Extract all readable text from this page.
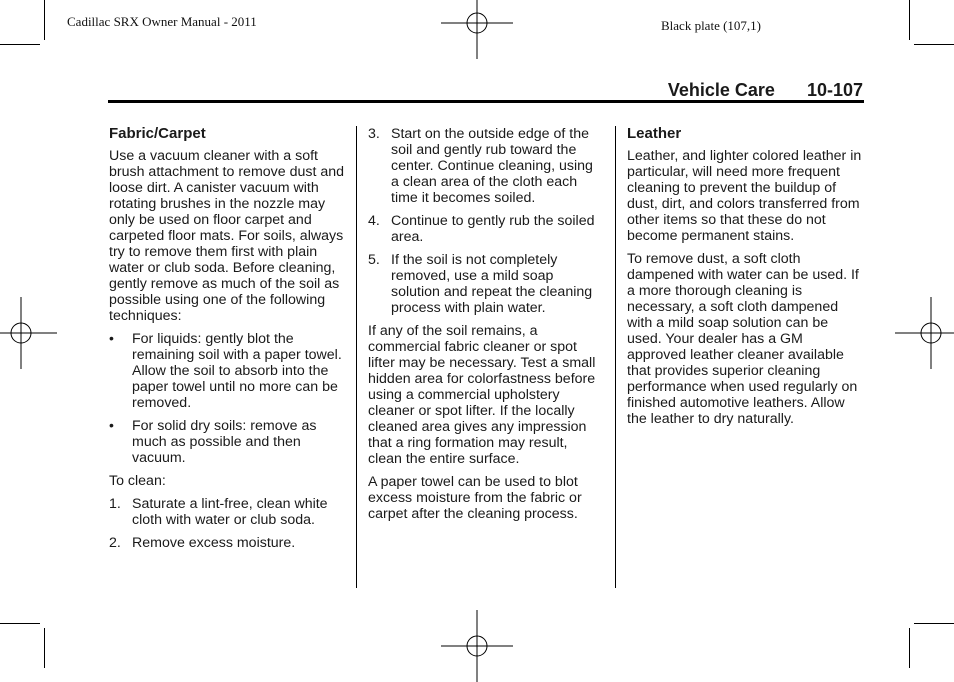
Cadillac SRX Owner Manual - 2011	Black plate (107,1)
Vehicle Care 10-107
Fabric/Carpet

Use a vacuum cleaner with a soft brush attachment to remove dust and loose dirt. A canister vacuum with rotating brushes in the nozzle may only be used on floor carpet and carpeted floor mats. For soils, always try to remove them first with plain water or club soda. Before cleaning, gently remove as much of the soil as possible using one of the following techniques:

•	For liquids: gently blot the remaining soil with a paper towel. Allow the soil to absorb into the paper towel until no more can be removed.
•	For solid dry soils: remove as much as possible and then vacuum.

To clean:

1. Saturate a lint-free, clean white cloth with water or club soda.
2. Remove excess moisture.
3. Start on the outside edge of the soil and gently rub toward the center. Continue cleaning, using a clean area of the cloth each time it becomes soiled.
4. Continue to gently rub the soiled area.
5. If the soil is not completely removed, use a mild soap solution and repeat the cleaning process with plain water.

If any of the soil remains, a commercial fabric cleaner or spot lifter may be necessary. Test a small hidden area for colorfastness before using a commercial upholstery cleaner or spot lifter. If the locally cleaned area gives any impression that a ring formation may result, clean the entire surface.

A paper towel can be used to blot excess moisture from the fabric or carpet after the cleaning process.

Leather

Leather, and lighter colored leather in particular, will need more frequent cleaning to prevent the buildup of dust, dirt, and colors transferred from other items so that these do not become permanent stains.

To remove dust, a soft cloth dampened with water can be used. If a more thorough cleaning is necessary, a soft cloth dampened with a mild soap solution can be used. Your dealer has a GM approved leather cleaner available that provides superior cleaning performance when used regularly on finished automotive leathers. Allow the leather to dry naturally.
